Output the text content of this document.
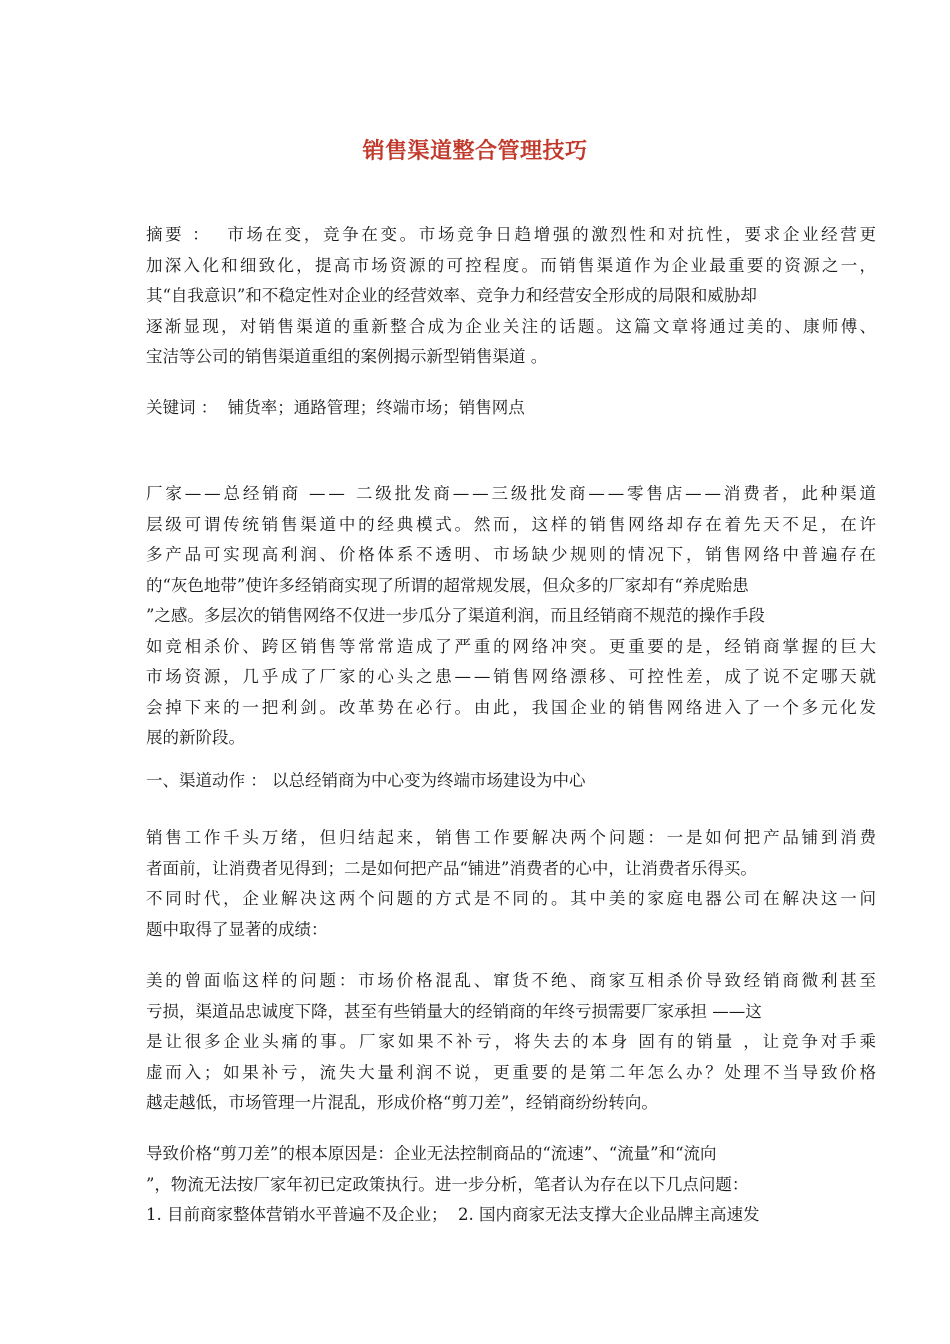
销售渠道整合管理技巧
摘要 ：  市场在变，竞争在变。市场竞争日趋增强的激烈性和对抗性，要求企业经营更
加深入化和细致化，提高市场资源的可控程度。而销售渠道作为企业最重要的资源之一，
其“自我意识”和不稳定性对企业的经营效率、竞争力和经营安全形成的局限和威胁却
逐渐显现，对销售渠道的重新整合成为企业关注的话题。这篇文章将通过美的、康师傅、
宝洁等公司的销售渠道重组的案例揭示新型销售渠道 。
关键词 ：  铺货率；通路管理；终端市场；销售网点
厂家——总经销商 —— 二级批发商——三级批发商——零售店——消费者，此种渠道
层级可谓传统销售渠道中的经典模式。然而，这样的销售网络却存在着先天不足，在许
多产品可实现高利润、价格体系不透明、市场缺少规则的情况下，销售网络中普遍存在
的“灰色地带”使许多经销商实现了所谓的超常规发展，但众多的厂家却有“养虎贻患
”之感。多层次的销售网络不仅进一步瓜分了渠道利润，而且经销商不规范的操作手段
如竞相杀价、跨区销售等常常造成了严重的网络冲突。更重要的是，经销商掌握的巨大
市场资源，几乎成了厂家的心头之患——销售网络漂移、可控性差，成了说不定哪天就
会掉下来的一把利剑。改革势在必行。由此，我国企业的销售网络进入了一个多元化发
展的新阶段。
一、渠道动作 ： 以总经销商为中心变为终端市场建设为中心
销售工作千头万绪，但归结起来，销售工作要解决两个问题：一是如何把产品铺到消费
者面前，让消费者见得到；二是如何把产品“铺进”消费者的心中，让消费者乐得买。
不同时代，企业解决这两个问题的方式是不同的。其中美的家庭电器公司在解决这一问
题中取得了显著的成绩：
美的曾面临这样的问题：市场价格混乱、窜货不绝、商家互相杀价导致经销商微利甚至
亏损，渠道品忠诚度下降，甚至有些销量大的经销商的年终亏损需要厂家承担 ——这
是让很多企业头痛的事。厂家如果不补亏，将失去的本身 固有的销量 ，让竞争对手乘
虚而入；如果补亏，流失大量利润不说，更重要的是第二年怎么办？处理不当导致价格
越走越低，市场管理一片混乱，形成价格“剪刀差”，经销商纷纷转向。
导致价格“剪刀差”的根本原因是：企业无法控制商品的“流速”、“流量”和“流向
”，物流无法按厂家年初已定政策执行。进一步分析，笔者认为存在以下几点问题：
1. 目前商家整体营销水平普遍不及企业；  2. 国内商家无法支撑大企业品牌主高速发
